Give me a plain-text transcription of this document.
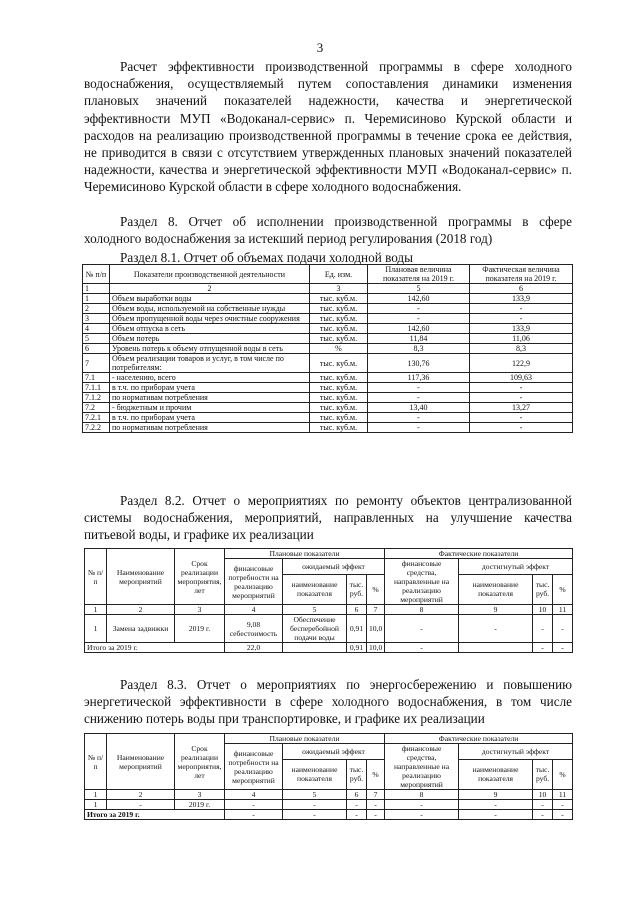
3
Расчет эффективности производственной программы в сфере холодного водоснабжения, осуществляемый путем сопоставления динамики изменения плановых значений показателей надежности, качества и энергетической эффективности МУП «Водоканал-сервис» п. Черемисиново Курской области и расходов на реализацию производственной программы в течение срока ее действия, не приводится в связи с отсутствием утвержденных плановых значений показателей надежности, качества и энергетической эффективности МУП «Водоканал-сервис» п. Черемисиново Курской области в сфере холодного водоснабжения.
Раздел 8. Отчет об исполнении производственной программы в сфере холодного водоснабжения за истекший период регулирования (2018 год)
Раздел 8.1. Отчет об объемах подачи холодной воды
№ п/п	Показатели производственной деятельности	Ед. изм.	Плановая величина показателя на 2019 г.	Фактическая величина показателя на 2019 г.
1	2	3	5	6
1	Объем выработки воды	тыс. куб.м.	142,60	133,9
2	Объем воды, используемой на собственные нужды	тыс. куб.м.	-	-
3	Объем пропущенной воды через очистные сооружения	тыс. куб.м.	-	-
4	Объем отпуска в сеть	тыс. куб.м.	142,60	133,9
5	Объем потерь	тыс. куб.м.	11,84	11,06
6	Уровень потерь к объему отпущенной воды в сеть	%	8,3	8,3
7	Объем реализации товаров и услуг, в том числе по потребителям:	тыс. куб.м.	130,76	122,9
7.1	- населению, всего	тыс. куб.м.	117,36	109,63
7.1.1	в т.ч. по приборам учета	тыс. куб.м.	-	-
7.1.2	по нормативам потребления	тыс. куб.м.	-	-
7.2	- бюджетным и прочим	тыс. куб.м.	13,40	13,27
7.2.1	в т.ч. по приборам учета	тыс. куб.м.	-	-
7.2.2	по нормативам потребления	тыс. куб.м.	-	-
Раздел 8.2. Отчет о мероприятиях по ремонту объектов централизованной системы водоснабжения, мероприятий, направленных на улучшение качества питьевой воды, и графике их реализации
№ п/ п	Наименование мероприятий	Срок реализации мероприятия, лет	Плановые показатели				Фактические показатели			
			финансовые потребности на реализацию мероприятий	ожидаемый эффект			финансовые средства, направленные на реализацию мероприятий	достигнутый эффект		
				наименование показателя	тыс. руб.	%		наименование показателя	тыс. руб.	%
1	2	3	4	5	6	7	8	9	10	11
1	Замена задвижки	2019 г.	9,08 себестоимость	Обеспечение бесперебойной подачи воды	0,91	10,0	-	-	-	-
Итого за 2019 г.			22,0		0,91	10,0	-		-	-
Раздел 8.3. Отчет о мероприятиях по энергосбережению и повышению энергетической эффективности в сфере холодного водоснабжения, в том числе снижению потерь воды при транспортировке, и графике их реализации
№ п/ п	Наименование мероприятий	Срок реализации мероприятия, лет	Плановые показатели				Фактические показатели			
			финансовые потребности на реализацию мероприятий	ожидаемый эффект			финансовые средства, направленные на реализацию мероприятий	достигнутый эффект		
				наименование показателя	тыс. руб.	%		наименование показателя	тыс. руб.	%
1	2	3	4	5	6	7	8	9	10	11
1	-	2019 г.	-	-	-	-	-	-	-	-
Итого за 2019 г.			-	-	-	-	-	-	-	-
